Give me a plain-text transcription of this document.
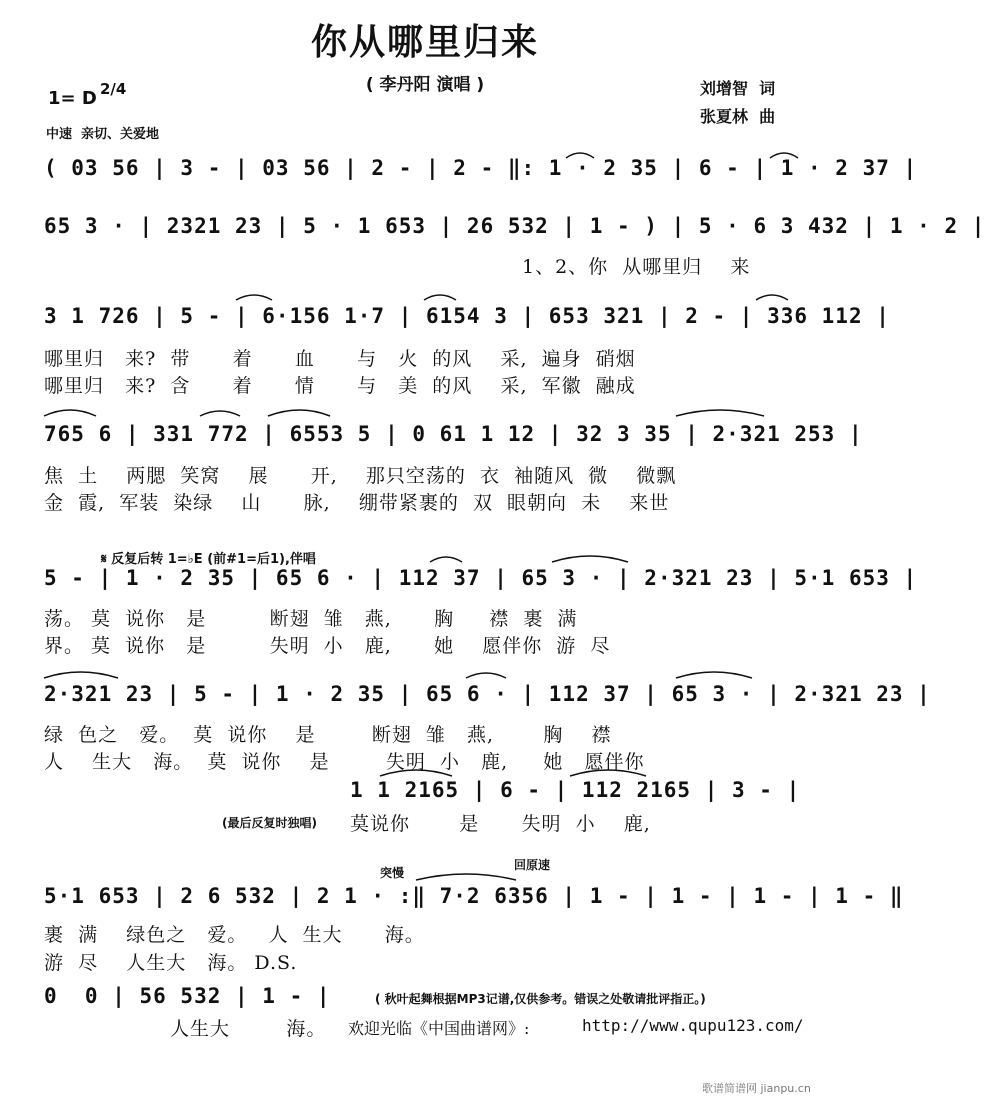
你从哪里归来
( 李丹阳 演唱 )	刘增智  词
张夏林  曲
1= D 2/4
中速  亲切、关爱地
( 03 56 | 3 - | 03 56 | 2 - | 2 - ‖: 1 · 2 35 | 6 - | 1 · 2 37 |
65 3 · | 2321 23 | 5 · 1 653 | 26 532 | 1 - ) | 5 · 6 3 432 | 1 · 2 |
1、2、你  从哪里归    来
3 1 726 | 5 - | 6·156 1·7 | 6154 3 | 653 321 | 2 - | 336 112 |
哪里归   来?  带      着      血      与   火  的风    采,  遍身  硝烟
哪里归   来?  含      着      情      与   美  的风    采,  军徽  融成
765 6 | 331 772 | 6553 5 | 0 61 1 12 | 32 3 35 | 2·321 253 |
焦  土    两腮  笑窝    展      开,    那只空荡的  衣  袖随风  微    微飘
金  霞,  军装  染绿    山      脉,    绷带紧裹的  双  眼朝向  未    来世

𝄋 反复后转 1=♭E (前#1=后1),伴唱

5 - | 1 · 2 35 | 65 6 · | 112 37 | 65 3 · | 2·321 23 | 5·1 653 |
荡。 莫  说你   是         断翅  雏   燕,      胸     襟  裹  满
界。 莫  说你   是         失明  小   鹿,      她    愿伴你  游  尽
2·321 23 | 5 - | 1 · 2 35 | 65 6 · | 112 37 | 65 3 · | 2·321 23 |
绿  色之   爱。  莫  说你    是        断翅  雏   燕,       胸    襟
人    生大   海。  莫  说你    是        失明  小   鹿,     她   愿伴你
1 1 2165 | 6 - | 112 2165 | 3 - |
(最后反复时独唱) 莫说你       是      失明  小    鹿,
突慢
回原速
5·1 653 | 2 6 532 | 2 1 · :‖ 7·2 6356 | 1 - | 1 - | 1 - | 1 - ‖
裹  满    绿色之   爱。   人  生大      海。
游  尽    人生大   海。 D.S.
0  0 | 56 532 | 1 - |	( 秋叶起舞根据MP3记谱,仅供参考。错误之处敬请批评指正。)
人生大        海。 欢迎光临《中国曲谱网》:	http://www.qupu123.com/
歌谱简谱网 jianpu.cn
